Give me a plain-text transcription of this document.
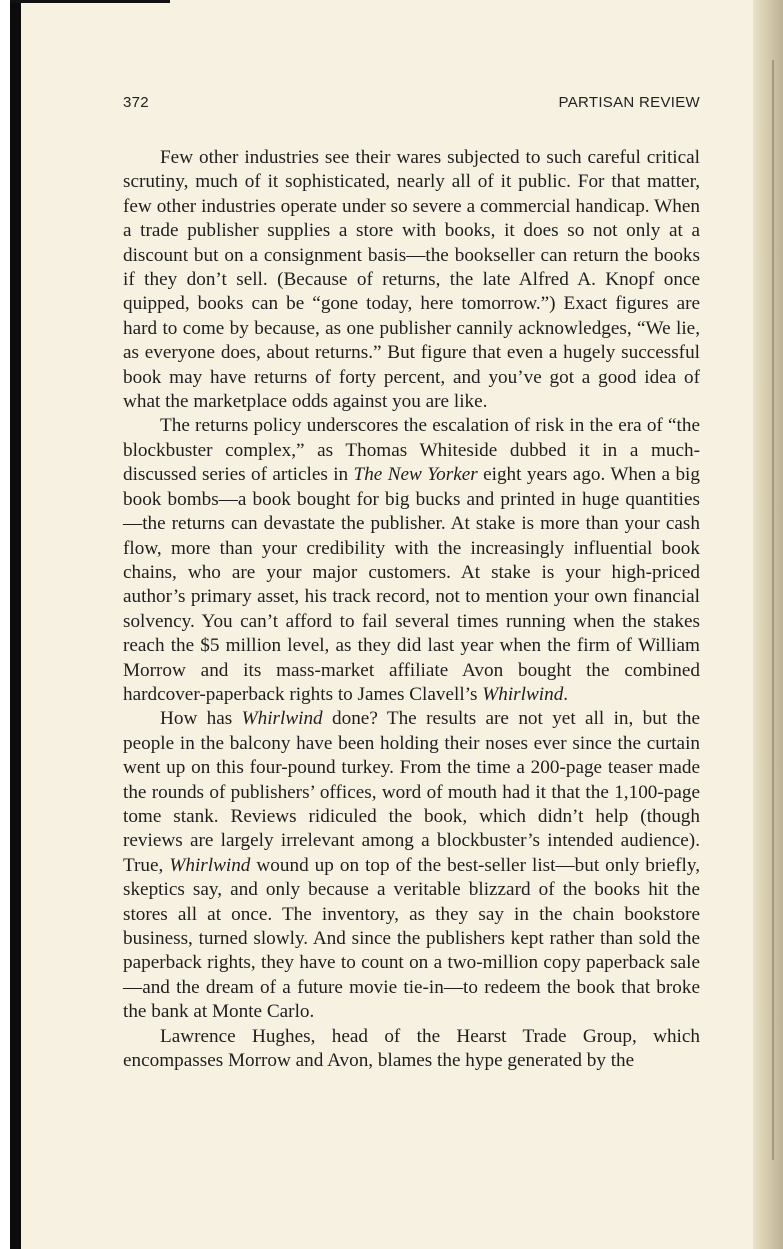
372	PARTISAN REVIEW

Few other industries see their wares subjected to such careful critical scrutiny, much of it sophisticated, nearly all of it public. For that matter, few other industries operate under so severe a commercial handicap. When a trade publisher supplies a store with books, it does so not only at a discount but on a consignment basis—the bookseller can return the books if they don’t sell. (Because of returns, the late Alfred A. Knopf once quipped, books can be “gone today, here tomorrow.”) Exact figures are hard to come by because, as one publisher cannily acknowledges, “We lie, as everyone does, about returns.” But figure that even a hugely successful book may have returns of forty percent, and you’ve got a good idea of what the marketplace odds against you are like.

The returns policy underscores the escalation of risk in the era of “the blockbuster complex,” as Thomas Whiteside dubbed it in a much-discussed series of articles in The New Yorker eight years ago. When a big book bombs—a book bought for big bucks and printed in huge quantities—the returns can devastate the publisher. At stake is more than your cash flow, more than your credibility with the increasingly influential book chains, who are your major customers. At stake is your high-priced author’s primary asset, his track record, not to mention your own financial solvency. You can’t afford to fail several times running when the stakes reach the $5 million level, as they did last year when the firm of William Morrow and its mass-market affiliate Avon bought the combined hardcover-paperback rights to James Clavell’s Whirlwind.

How has Whirlwind done? The results are not yet all in, but the people in the balcony have been holding their noses ever since the curtain went up on this four-pound turkey. From the time a 200-page teaser made the rounds of publishers’ offices, word of mouth had it that the 1,100-page tome stank. Reviews ridiculed the book, which didn’t help (though reviews are largely irrelevant among a blockbuster’s intended audience). True, Whirlwind wound up on top of the best-seller list—but only briefly, skeptics say, and only because a veritable blizzard of the books hit the stores all at once. The inventory, as they say in the chain bookstore business, turned slowly. And since the publishers kept rather than sold the paperback rights, they have to count on a two-million copy paperback sale—and the dream of a future movie tie-in—to redeem the book that broke the bank at Monte Carlo.

Lawrence Hughes, head of the Hearst Trade Group, which encompasses Morrow and Avon, blames the hype generated by the
